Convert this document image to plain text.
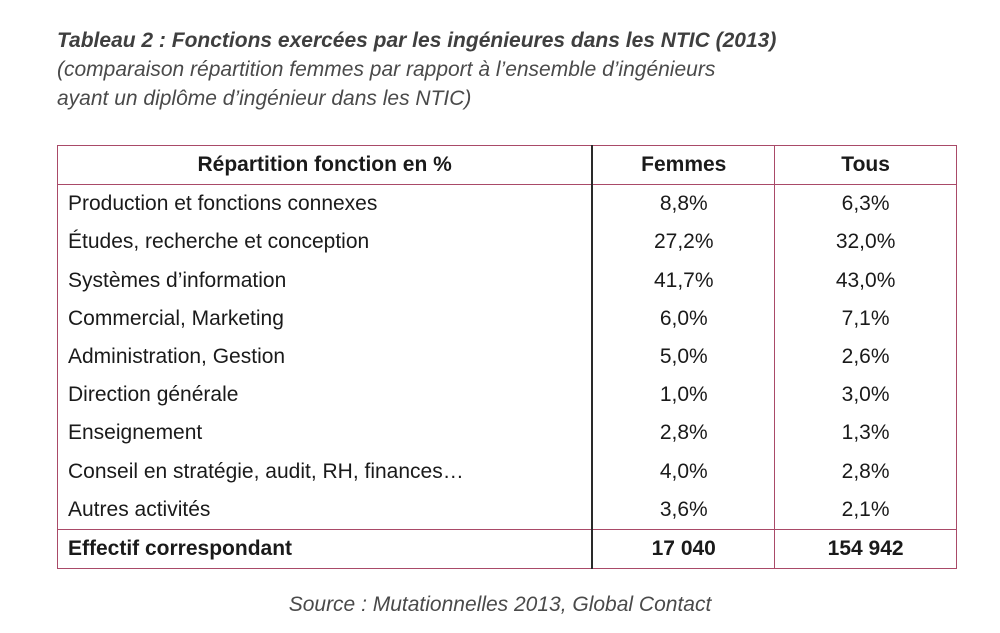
Tableau 2 : Fonctions exercées par les ingénieures dans les NTIC (2013)
(comparaison répartition femmes par rapport à l’ensemble d’ingénieurs
ayant un diplôme d’ingénieur dans les NTIC)
Répartition fonction en %	Femmes	Tous
Production et fonctions connexes	8,8%	6,3%
Études, recherche et conception	27,2%	32,0%
Systèmes d’information	41,7%	43,0%
Commercial, Marketing	6,0%	7,1%
Administration, Gestion	5,0%	2,6%
Direction générale	1,0%	3,0%
Enseignement	2,8%	1,3%
Conseil en stratégie, audit, RH, finances…	4,0%	2,8%
Autres activités	3,6%	2,1%
Effectif correspondant	17 040	154 942
Source : Mutationnelles 2013, Global Contact
